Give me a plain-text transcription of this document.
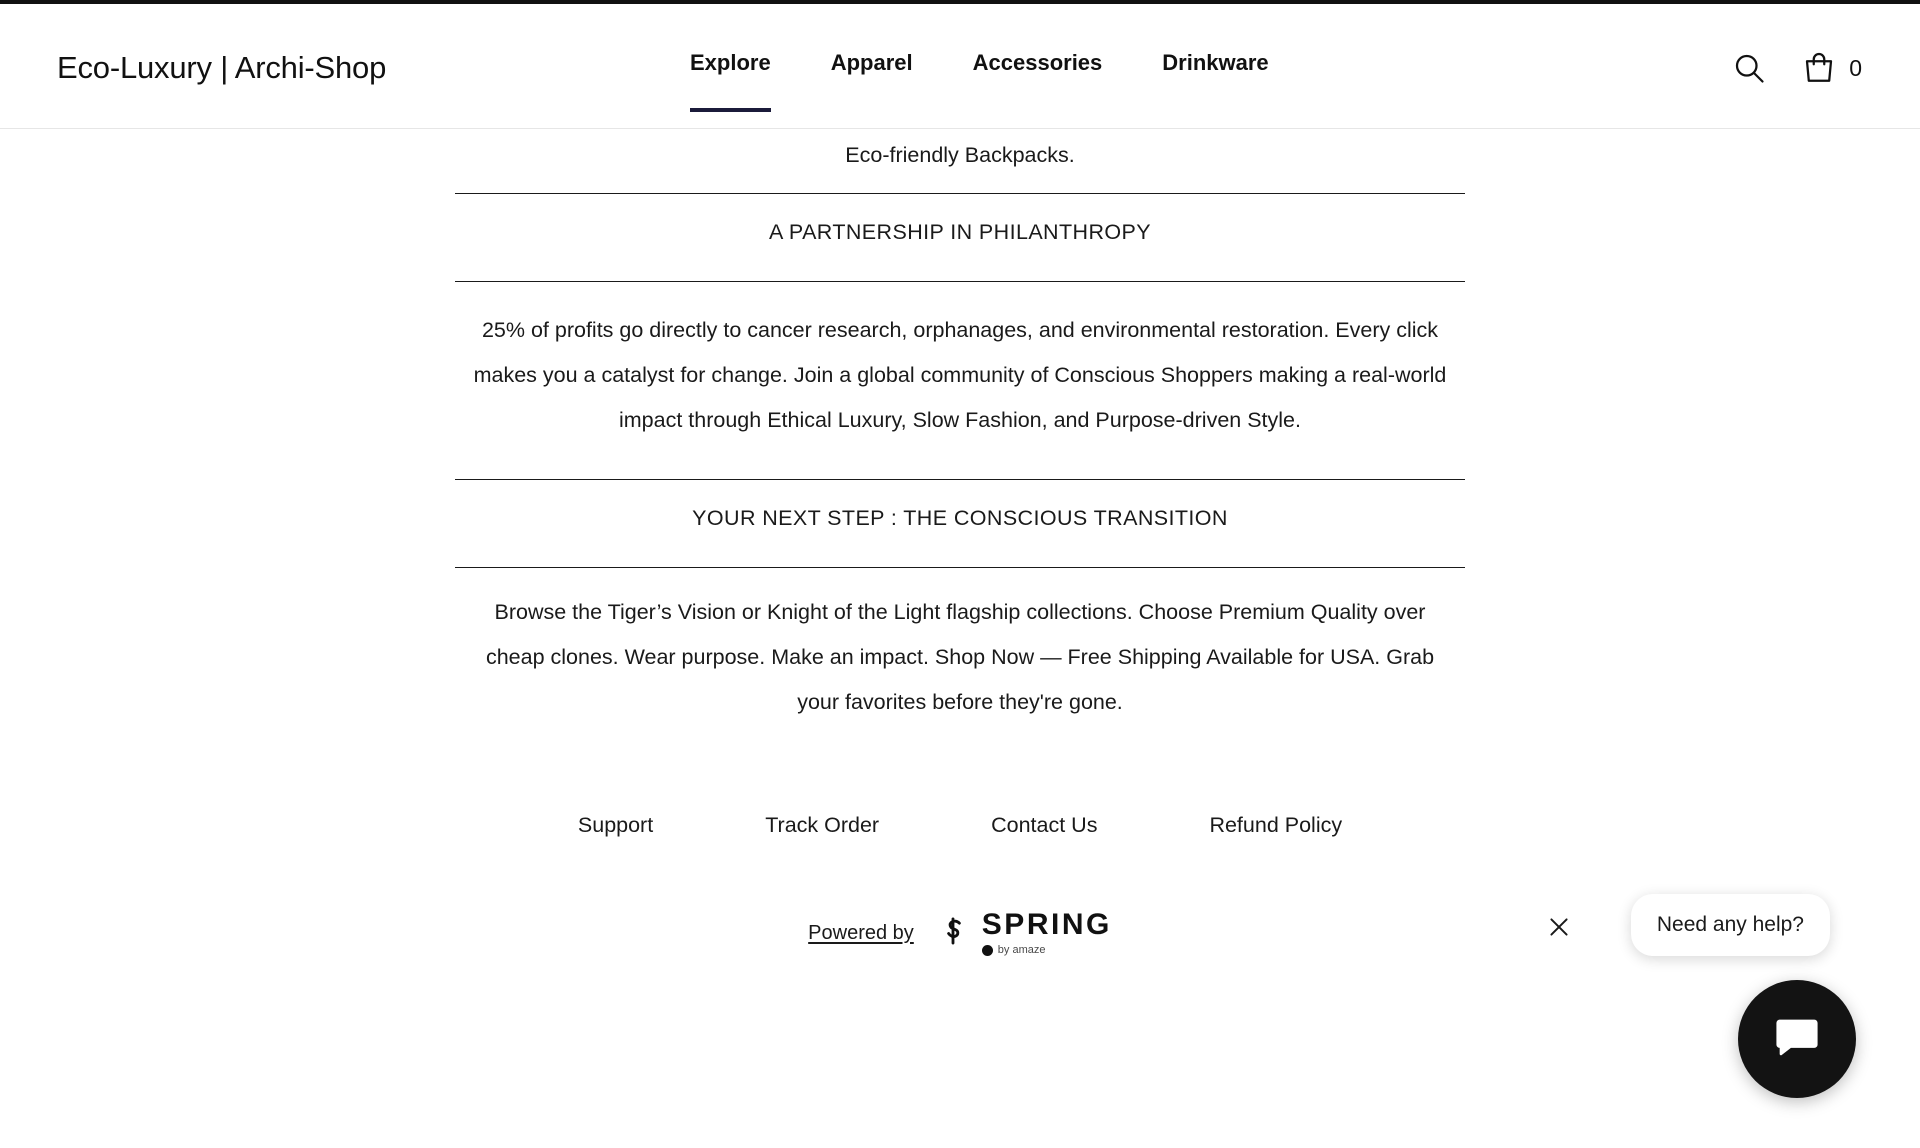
Eco-Luxury | Archi-Shop	Explore	Apparel	Accessories	Drinkware	0
Eco-friendly Backpacks.
A PARTNERSHIP IN PHILANTHROPY
25% of profits go directly to cancer research, orphanages, and environmental restoration. Every click makes you a catalyst for change. Join a global community of Conscious Shoppers making a real-world impact through Ethical Luxury, Slow Fashion, and Purpose-driven Style.
YOUR NEXT STEP : THE CONSCIOUS TRANSITION
Browse the Tiger’s Vision or Knight of the Light flagship collections. Choose Premium Quality over cheap clones. Wear purpose. Make an impact. Shop Now — Free Shipping Available for USA. Grab your favorites before they're gone.
Support	Track Order	Contact Us	Refund Policy
Powered by SPRING
by amaze
Need any help?
